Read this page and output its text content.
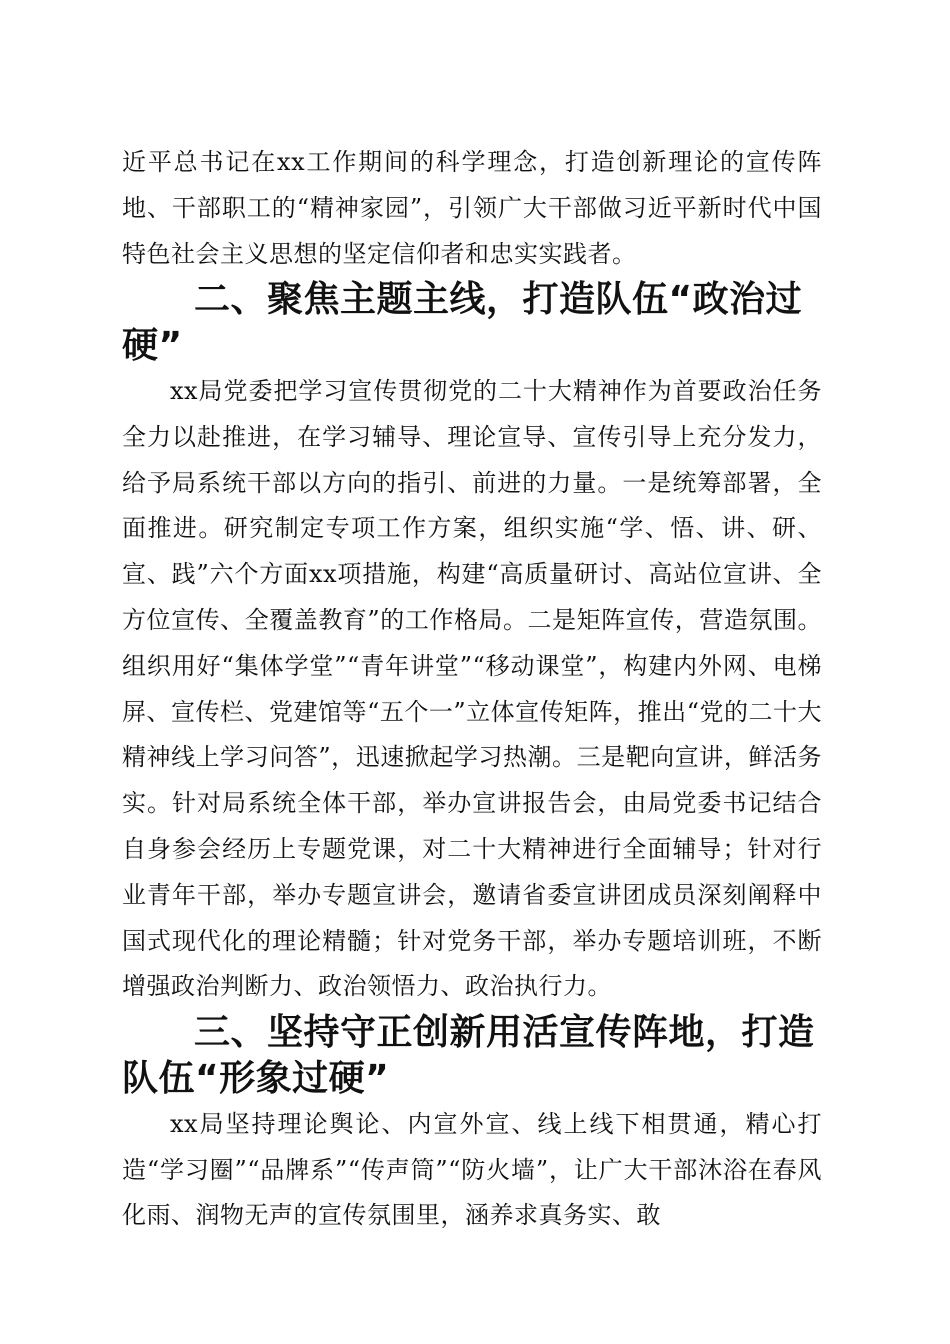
近平总书记在xx工作期间的科学理念，打造创新理论的宣传阵地、干部职工的“精神家园”，引领广大干部做习近平新时代中国特色社会主义思想的坚定信仰者和忠实实践者。

二、聚焦主题主线，打造队伍“政治过硬”

xx局党委把学习宣传贯彻党的二十大精神作为首要政治任务全力以赴推进，在学习辅导、理论宣导、宣传引导上充分发力，给予局系统干部以方向的指引、前进的力量。一是统筹部署，全面推进。研究制定专项工作方案，组织实施“学、悟、讲、研、宣、践”六个方面xx项措施，构建“高质量研讨、高站位宣讲、全方位宣传、全覆盖教育”的工作格局。二是矩阵宣传，营造氛围。组织用好“集体学堂”“青年讲堂”“移动课堂”，构建内外网、电梯屏、宣传栏、党建馆等“五个一”立体宣传矩阵，推出“党的二十大精神线上学习问答”，迅速掀起学习热潮。三是靶向宣讲，鲜活务实。针对局系统全体干部，举办宣讲报告会，由局党委书记结合自身参会经历上专题党课，对二十大精神进行全面辅导；针对行业青年干部，举办专题宣讲会，邀请省委宣讲团成员深刻阐释中国式现代化的理论精髓；针对党务干部，举办专题培训班，不断增强政治判断力、政治领悟力、政治执行力。

三、坚持守正创新用活宣传阵地，打造队伍“形象过硬”

xx局坚持理论舆论、内宣外宣、线上线下相贯通，精心打造“学习圈”“品牌系”“传声筒”“防火墙”，让广大干部沐浴在春风化雨、润物无声的宣传氛围里，涵养求真务实、敢
